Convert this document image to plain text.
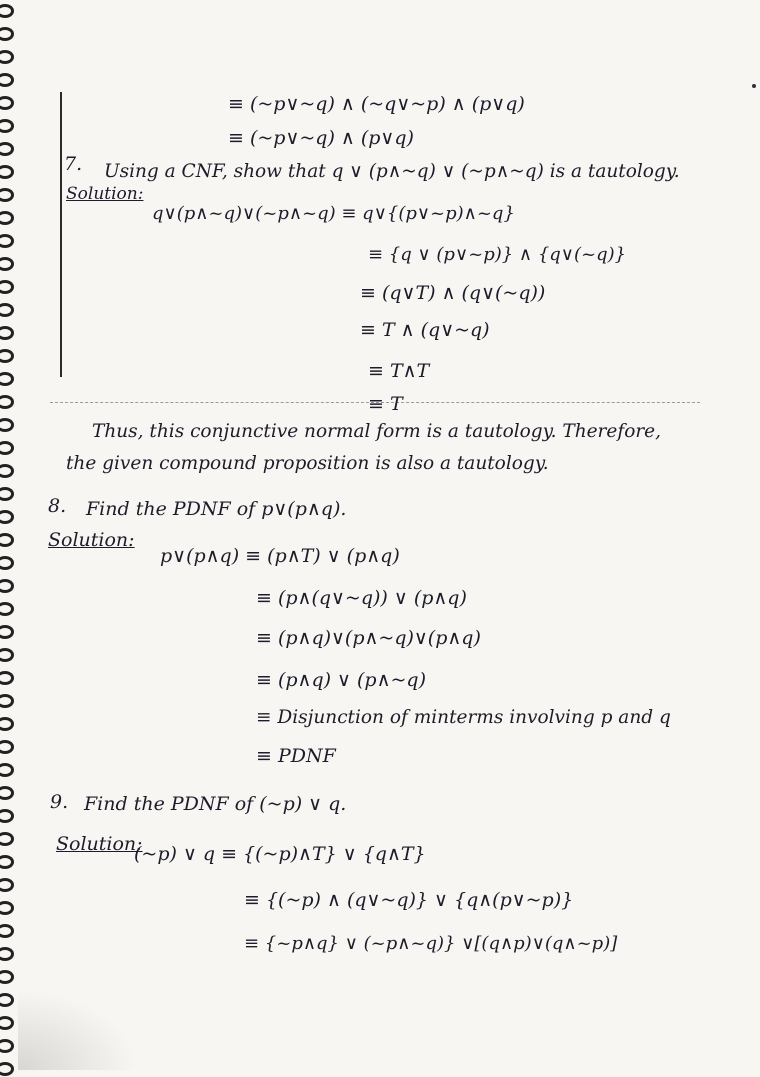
≡ (~p∨~q) ∧ (~q∨~p) ∧ (p∨q)
≡ (~p∨~q) ∧ (p∨q)
7. Using a CNF, show that q ∨ (p∧~q) ∨ (~p∧~q) is a tautology.
Solution:
q∨(p∧~q)∨(~p∧~q) ≡ q∨{(p∨~p)∧~q}
≡ {q ∨ (p∨~p)} ∧ {q∨(~q)}
≡ (q∨T) ∧ (q∨(~q))
≡ T ∧ (q∨~q)
≡ T∧T
≡ T
Thus, this conjunctive normal form is a tautology. Therefore,
the given compound proposition is also a tautology.
8. Find the PDNF of p∨(p∧q).
Solution:
p∨(p∧q) ≡ (p∧T) ∨ (p∧q)
≡ (p∧(q∨~q)) ∨ (p∧q)
≡ (p∧q)∨(p∧~q)∨(p∧q)
≡ (p∧q) ∨ (p∧~q)
≡ Disjunction of minterms involving p and q
≡ PDNF
9. Find the PDNF of (~p) ∨ q.
Solution:
(~p) ∨ q ≡ {(~p)∧T} ∨ {q∧T}
≡ {(~p) ∧ (q∨~q)} ∨ {q∧(p∨~p)}
≡ {~p∧q} ∨ (~p∧~q)} ∨[(q∧p)∨(q∧~p)]
